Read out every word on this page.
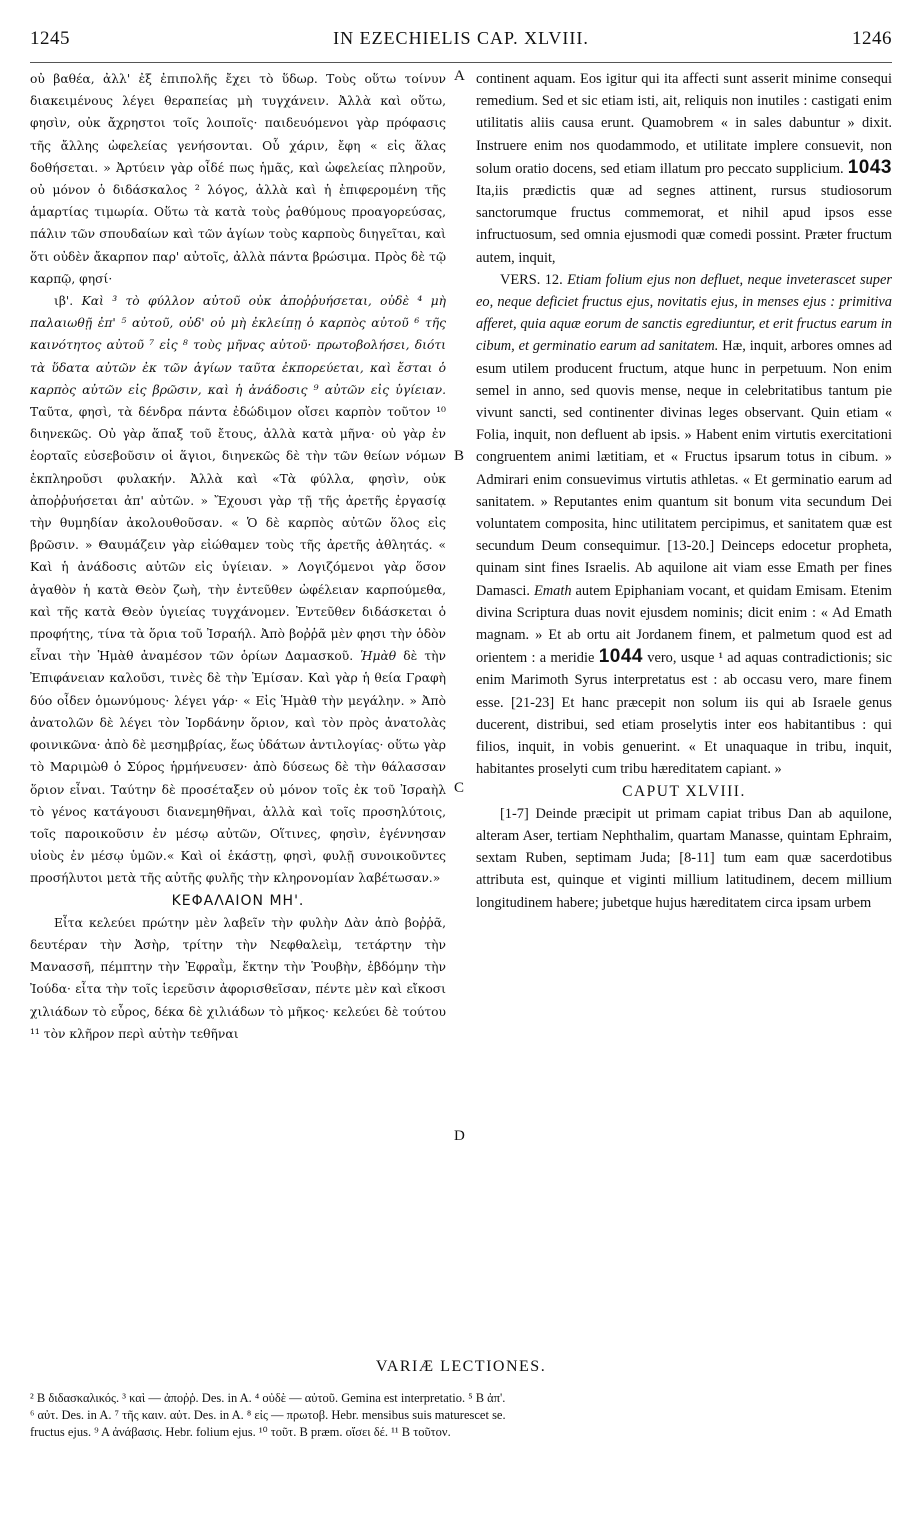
1245	IN EZECHIELIS CAP. XLVIII.	1246

οὐ βαθέα, ἀλλ' ἐξ ἐπιπολῆς ἔχει τὸ ὕδωρ. Τοὺς οὕτω τοίνυν διακειμένους λέγει θεραπείας μὴ τυγχάνειν. Ἀλλὰ καὶ οὕτω, φησὶν, οὐκ ἄχρηστοι τοῖς λοιποῖς· παιδευόμενοι γὰρ πρόφασις τῆς ἄλλης ὠφελείας γενήσονται. Οὗ χάριν, ἔφη « εἰς ἅλας δοθήσεται. » Ἀρτύειν γὰρ οἶδέ πως ἡμᾶς, καὶ ὠφελείας πληροῦν, οὐ μόνον ὁ διδάσκαλος ² λόγος, ἀλλὰ καὶ ἡ ἐπιφερομένη τῆς ἁμαρτίας τιμωρία. Οὕτω τὰ κατὰ τοὺς ῥαθύμους προαγορεύσας, πάλιν τῶν σπουδαίων καὶ τῶν ἁγίων τοὺς καρποὺς διηγεῖται, καὶ ὅτι οὐδὲν ἄκαρπον παρ' αὐτοῖς, ἀλλὰ πάντα βρώσιμα. Πρὸς δὲ τῷ καρπῷ, φησί·

ιβ'. Καὶ ³ τὸ φύλλον αὐτοῦ οὐκ ἀποῤῥυήσεται, οὐδὲ ⁴ μὴ παλαιωθῇ ἐπ' ⁵ αὐτοῦ, οὐδ' οὐ μὴ ἐκλείπῃ ὁ καρπὸς αὐτοῦ ⁶ τῆς καινότητος αὐτοῦ ⁷ εἰς ⁸ τοὺς μῆνας αὐτοῦ· πρωτοβολήσει, διότι τὰ ὕδατα αὐτῶν ἐκ τῶν ἁγίων ταῦτα ἐκπορεύεται, καὶ ἔσται ὁ καρπὸς αὐτῶν εἰς βρῶσιν, καὶ ἡ ἀνάδοσις ⁹ αὐτῶν εἰς ὑγίειαν. Ταῦτα, φησὶ, τὰ δένδρα πάντα ἐδώδιμον οἴσει καρπὸν τοῦτον ¹⁰ διηνεκῶς. Οὐ γὰρ ἅπαξ τοῦ ἔτους, ἀλλὰ κατὰ μῆνα· οὐ γὰρ ἐν ἑορταῖς εὐσεβοῦσιν οἱ ἅγιοι, διηνεκῶς δὲ τὴν τῶν θείων νόμων ἐκπληροῦσι φυλακήν. Ἀλλὰ καὶ «Τὰ φύλλα, φησὶν, οὐκ ἀποῤῥυήσεται ἀπ' αὐτῶν. » Ἔχουσι γὰρ τῇ τῆς ἀρετῆς ἐργασίᾳ τὴν θυμηδίαν ἀκολουθοῦσαν. « Ὁ δὲ καρπὸς αὐτῶν ὅλος εἰς βρῶσιν. » Θαυμάζειν γὰρ εἰώθαμεν τοὺς τῆς ἀρετῆς ἀθλητάς. « Καὶ ἡ ἀνάδοσις αὐτῶν εἰς ὑγίειαν. » Λογιζόμενοι γὰρ ὅσον ἀγαθὸν ἡ κατὰ Θεὸν ζωὴ, τὴν ἐντεῦθεν ὠφέλειαν καρπούμεθα, καὶ τῆς κατὰ Θεὸν ὑγιείας τυγχάνομεν. Ἐντεῦθεν διδάσκεται ὁ προφήτης, τίνα τὰ ὅρια τοῦ Ἰσραήλ. Ἀπὸ βοῤῥᾶ μὲν φησι τὴν ὁδὸν εἶναι τὴν Ἡμὰθ ἀναμέσον τῶν ὁρίων Δαμασκοῦ. Ἡμὰθ δὲ τὴν Ἐπιφάνειαν καλοῦσι, τινὲς δὲ τὴν Ἐμίσαν. Καὶ γὰρ ἡ θεία Γραφὴ δύο οἶδεν ὁμωνύμους· λέγει γάρ· « Εἰς Ἡμὰθ τὴν μεγάλην. » Ἀπὸ ἀνατολῶν δὲ λέγει τὸν Ἰορδάνην ὅριον, καὶ τὸν πρὸς ἀνατολὰς φοινικῶνα· ἀπὸ δὲ μεσημβρίας, ἕως ὑδάτων ἀντιλογίας· οὕτω γὰρ τὸ Μαριμὼθ ὁ Σύρος ἡρμήνευσεν· ἀπὸ δύσεως δὲ τὴν θάλασσαν ὅριον εἶναι. Ταύτην δὲ προσέταξεν οὐ μόνον τοῖς ἐκ τοῦ Ἰσραὴλ τὸ γένος κατάγουσι διανεμηθῆναι, ἀλλὰ καὶ τοῖς προσηλύτοις, τοῖς παροικοῦσιν ἐν μέσῳ αὐτῶν, Οἵτινες, φησὶν, ἐγέννησαν υἱοὺς ἐν μέσῳ ὑμῶν.« Καὶ οἱ ἑκάστῃ, φησὶ, φυλῇ συνοικοῦντες προσήλυτοι μετὰ τῆς αὐτῆς φυλῆς τὴν κληρονομίαν λαβέτωσαν.»

ΚΕΦΑΛΑΙΟΝ ΜΗ'.

Εἶτα κελεύει πρώτην μὲν λαβεῖν τὴν φυλὴν Δὰν ἀπὸ βοῤῥᾶ, δευτέραν τὴν Ἀσὴρ, τρίτην τὴν Νεφθαλεὶμ, τετάρτην τὴν Μανασσῆ, πέμπτην τὴν Ἐφραῒμ, ἕκτην τὴν Ῥουβὴν, ἑβδόμην τὴν Ἰούδα· εἶτα τὴν τοῖς ἱερεῦσιν ἀφορισθεῖσαν, πέντε μὲν καὶ εἴκοσι χιλιάδων τὸ εὖρος, δέκα δὲ χιλιάδων τὸ μῆκος· κελεύει δὲ τούτου ¹¹ τὸν κλῆρον περὶ αὐτὴν τεθῆναι

A
B
C
D

continent aquam. Eos igitur qui ita affecti sunt asserit minime consequi remedium. Sed et sic etiam isti, ait, reliquis non inutiles : castigati enim utilitatis aliis causa erunt. Quamobrem « in sales dabuntur » dixit. Instruere enim nos quodammodo, et utilitate implere consuevit, non solum oratio docens, sed etiam illatum pro peccato supplicium. 1043 Ita,iis prædictis quæ ad segnes attinent, rursus studiosorum sanctorumque fructus commemorat, et nihil apud ipsos esse infructuosum, sed omnia ejusmodi quæ comedi possint. Præter fructum autem, inquit,

VERS. 12. Etiam folium ejus non defluet, neque inveterascet super eo, neque deficiet fructus ejus, novitatis ejus, in menses ejus : primitiva afferet, quia aquæ eorum de sanctis egrediuntur, et erit fructus earum in cibum, et germinatio earum ad sanitatem. Hæ, inquit, arbores omnes ad esum utilem producent fructum, atque hunc in perpetuum. Non enim semel in anno, sed quovis mense, neque in celebritatibus tantum pie vivunt sancti, sed continenter divinas leges observant. Quin etiam « Folia, inquit, non defluent ab ipsis. » Habent enim virtutis exercitationi congruentem animi lætitiam, et « Fructus ipsarum totus in cibum. » Admirari enim consuevimus virtutis athletas. « Et germinatio earum ad sanitatem. » Reputantes enim quantum sit bonum vita secundum Dei voluntatem composita, hinc utilitatem percipimus, et sanitatem quæ est secundum Deum consequimur. [13-20.] Deinceps edocetur propheta, quinam sint fines Israelis. Ab aquilone ait viam esse Emath per fines Damasci. Emath autem Epiphaniam vocant, et quidam Emisam. Etenim divina Scriptura duas novit ejusdem nominis; dicit enim : « Ad Emath magnam. » Et ab ortu ait Jordanem finem, et palmetum quod est ad orientem : a meridie 1044 vero, usque ¹ ad aquas contradictionis; sic enim Marimoth Syrus interpretatus est : ab occasu vero, mare finem esse. [21-23] Et hanc præcepit non solum iis qui ab Israele genus ducerent, distribui, sed etiam proselytis inter eos habitantibus : qui filios, inquit, in vobis genuerint. « Et unaquaque in tribu, inquit, habitantes proselyti cum tribu hæreditatem capiant. »

CAPUT XLVIII.

[1-7] Deinde præcipit ut primam capiat tribus Dan ab aquilone, alteram Aser, tertiam Nephthalim, quartam Manasse, quintam Ephraim, sextam Ruben, septimam Juda; [8-11] tum eam quæ sacerdotibus attributa est, quinque et viginti millium latitudinem, decem millium longitudinem habere; jubetque hujus hæreditatem circa ipsam urbem

VARIÆ LECTIONES.

² B διδασκαλικός. ³ καὶ — ἀποῤῥ. Des. in A. ⁴ οὐδὲ — αὐτοῦ. Gemina est interpretatio. ⁵ B ἀπ'.

⁶ αὐτ. Des. in A. ⁷ τῆς καιν. αὐτ. Des. in A. ⁸ εἰς — πρωτοβ. Hebr. mensibus suis maturescet se.

fructus ejus. ⁹ A ἀνάβασις. Hebr. folium ejus. ¹⁰ τοῦτ. B præm. οἴσει δέ. ¹¹ B τοῦτον.
